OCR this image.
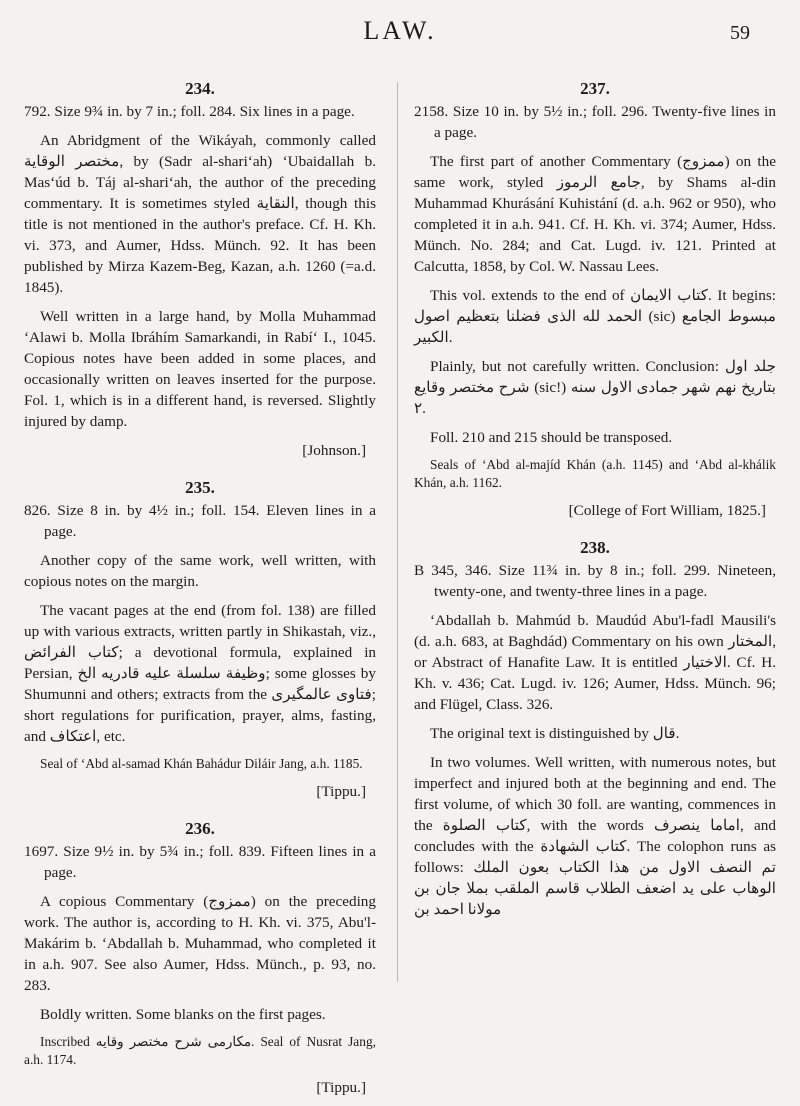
LAW.	59
234.

792. Size 9¾ in. by 7 in.; foll. 284. Six lines in a page.

An Abridgment of the Wikáyah, commonly called مختصر الوقاية, by (Sadr al-shari‘ah) ‘Ubaidallah b. Mas‘úd b. Táj al-shari‘ah, the author of the preceding commentary. It is sometimes styled النقاية, though this title is not mentioned in the author's preface. Cf. H. Kh. vi. 373, and Aumer, Hdss. Münch. 92. It has been published by Mirza Kazem-Beg, Kazan, a.h. 1260 (=a.d. 1845).

Well written in a large hand, by Molla Muhammad ‘Alawi b. Molla Ibráhím Samarkandi, in Rabí‘ I., 1045. Copious notes have been added in some places, and occasionally written on leaves inserted for the purpose. Fol. 1, which is in a different hand, is reversed. Slightly injured by damp.

[Johnson.]
235.

826. Size 8 in. by 4½ in.; foll. 154. Eleven lines in a page.

Another copy of the same work, well written, with copious notes on the margin.

The vacant pages at the end (from fol. 138) are filled up with various extracts, written partly in Shikastah, viz., كتاب الفرائض; a devotional formula, explained in Persian, وظيفة سلسلة عليه قادريه الخ; some glosses by Shumunni and others; extracts from the فتاوى عالمگيرى; short regulations for purification, prayer, alms, fasting, and اعتكاف, etc.

Seal of ‘Abd al-samad Khán Bahádur Diláir Jang, a.h. 1185.

[Tippu.]
236.

1697. Size 9½ in. by 5¾ in.; foll. 839. Fifteen lines in a page.

A copious Commentary (ممزوج) on the preceding work. The author is, according to H. Kh. vi. 375, Abu'l-Makárim b. ‘Abdallah b. Muhammad, who completed it in a.h. 907. See also Aumer, Hdss. Münch., p. 93, no. 283.

Boldly written. Some blanks on the first pages.

Inscribed مكارمى شرح مختصر وقايه. Seal of Nusrat Jang, a.h. 1174.

[Tippu.]
237.

2158. Size 10 in. by 5½ in.; foll. 296. Twenty-five lines in a page.

The first part of another Commentary (ممزوج) on the same work, styled جامع الرموز, by Shams al-din Muhammad Khurásání Kuhistání (d. a.h. 962 or 950), who completed it in a.h. 941. Cf. H. Kh. vi. 374; Aumer, Hdss. Münch. No. 284; and Cat. Lugd. iv. 121. Printed at Calcutta, 1858, by Col. W. Nassau Lees.

This vol. extends to the end of كتاب الايمان. It begins: الحمد لله الذى فضلنا بتعظيم اصول (sic) مبسوط الجامع الكبير.

Plainly, but not carefully written. Conclusion: جلد اول شرح مختصر وقايع (sic!) بتاريخ نهم شهر جمادى الاول سنه ٢.

Foll. 210 and 215 should be transposed.

Seals of ‘Abd al-majíd Khán (a.h. 1145) and ‘Abd al-khálik Khán, a.h. 1162.

[College of Fort William, 1825.]
238.

B 345, 346. Size 11¾ in. by 8 in.; foll. 299. Nineteen, twenty-one, and twenty-three lines in a page.

‘Abdallah b. Mahmúd b. Maudúd Abu'l-fadl Mausili's (d. a.h. 683, at Baghdád) Commentary on his own المختار, or Abstract of Hanafite Law. It is entitled الاختيار. Cf. H. Kh. v. 436; Cat. Lugd. iv. 126; Aumer, Hdss. Münch. 96; and Flügel, Class. 326.

The original text is distinguished by قال.

In two volumes. Well written, with numerous notes, but imperfect and injured both at the beginning and end. The first volume, of which 30 foll. are wanting, commences in the كتاب الصلوة, with the words اماما ينصرف, and concludes with the كتاب الشهادة. The colophon runs as follows: تم النصف الاول من هذا الكتاب بعون الملك الوهاب على يد اضعف الطلاب قاسم الملقب بملا جان بن مولانا احمد بن
